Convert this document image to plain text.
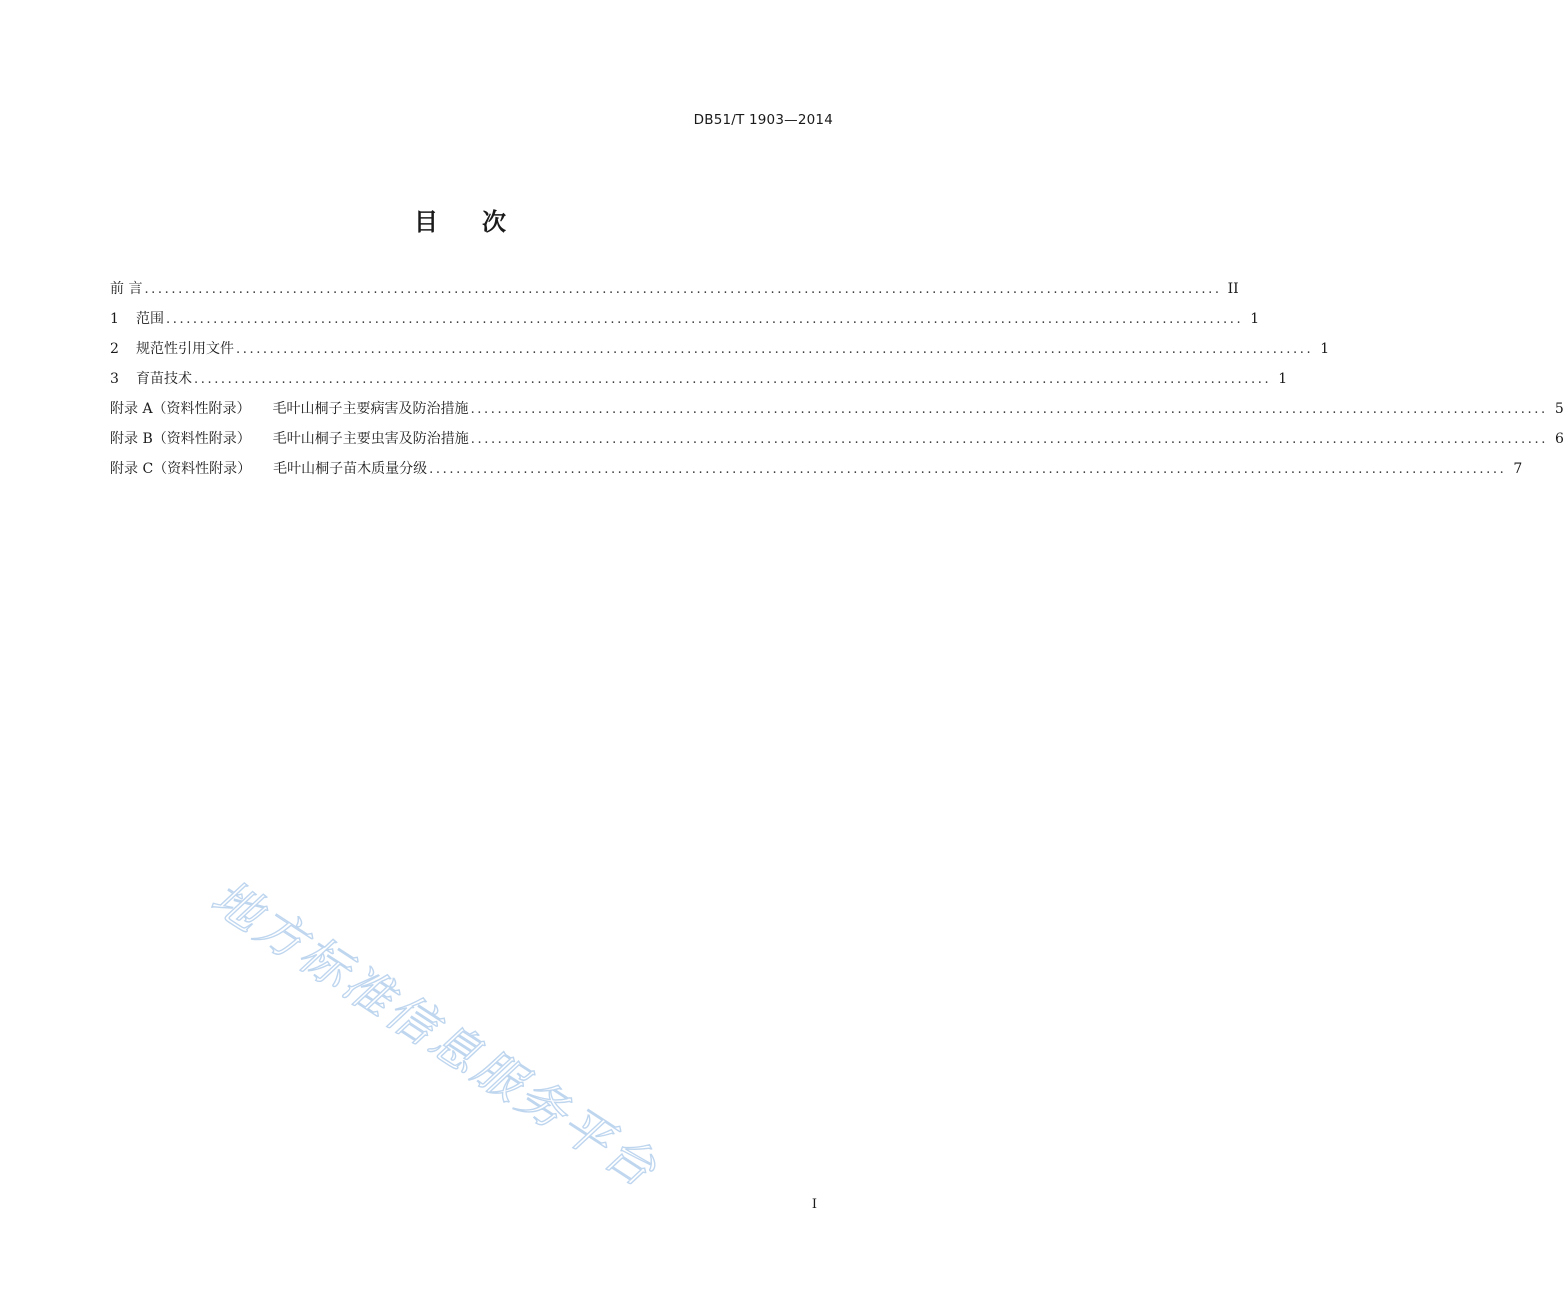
DB51/T 1903—2014
目 次
前 言 ................................................................................................................................................................ II
1 范围 ................................................................................................................................................................ 1
2 规范性引用文件 ................................................................................................................................................................ 1
3 育苗技术 ................................................................................................................................................................ 1
附录 A（资料性附录） 毛叶山桐子主要病害及防治措施 ................................................................................................................................................................ 5
附录 B（资料性附录） 毛叶山桐子主要虫害及防治措施 ................................................................................................................................................................ 6
附录 C（资料性附录） 毛叶山桐子苗木质量分级 ................................................................................................................................................................ 7
地方标准信息服务平台
I
